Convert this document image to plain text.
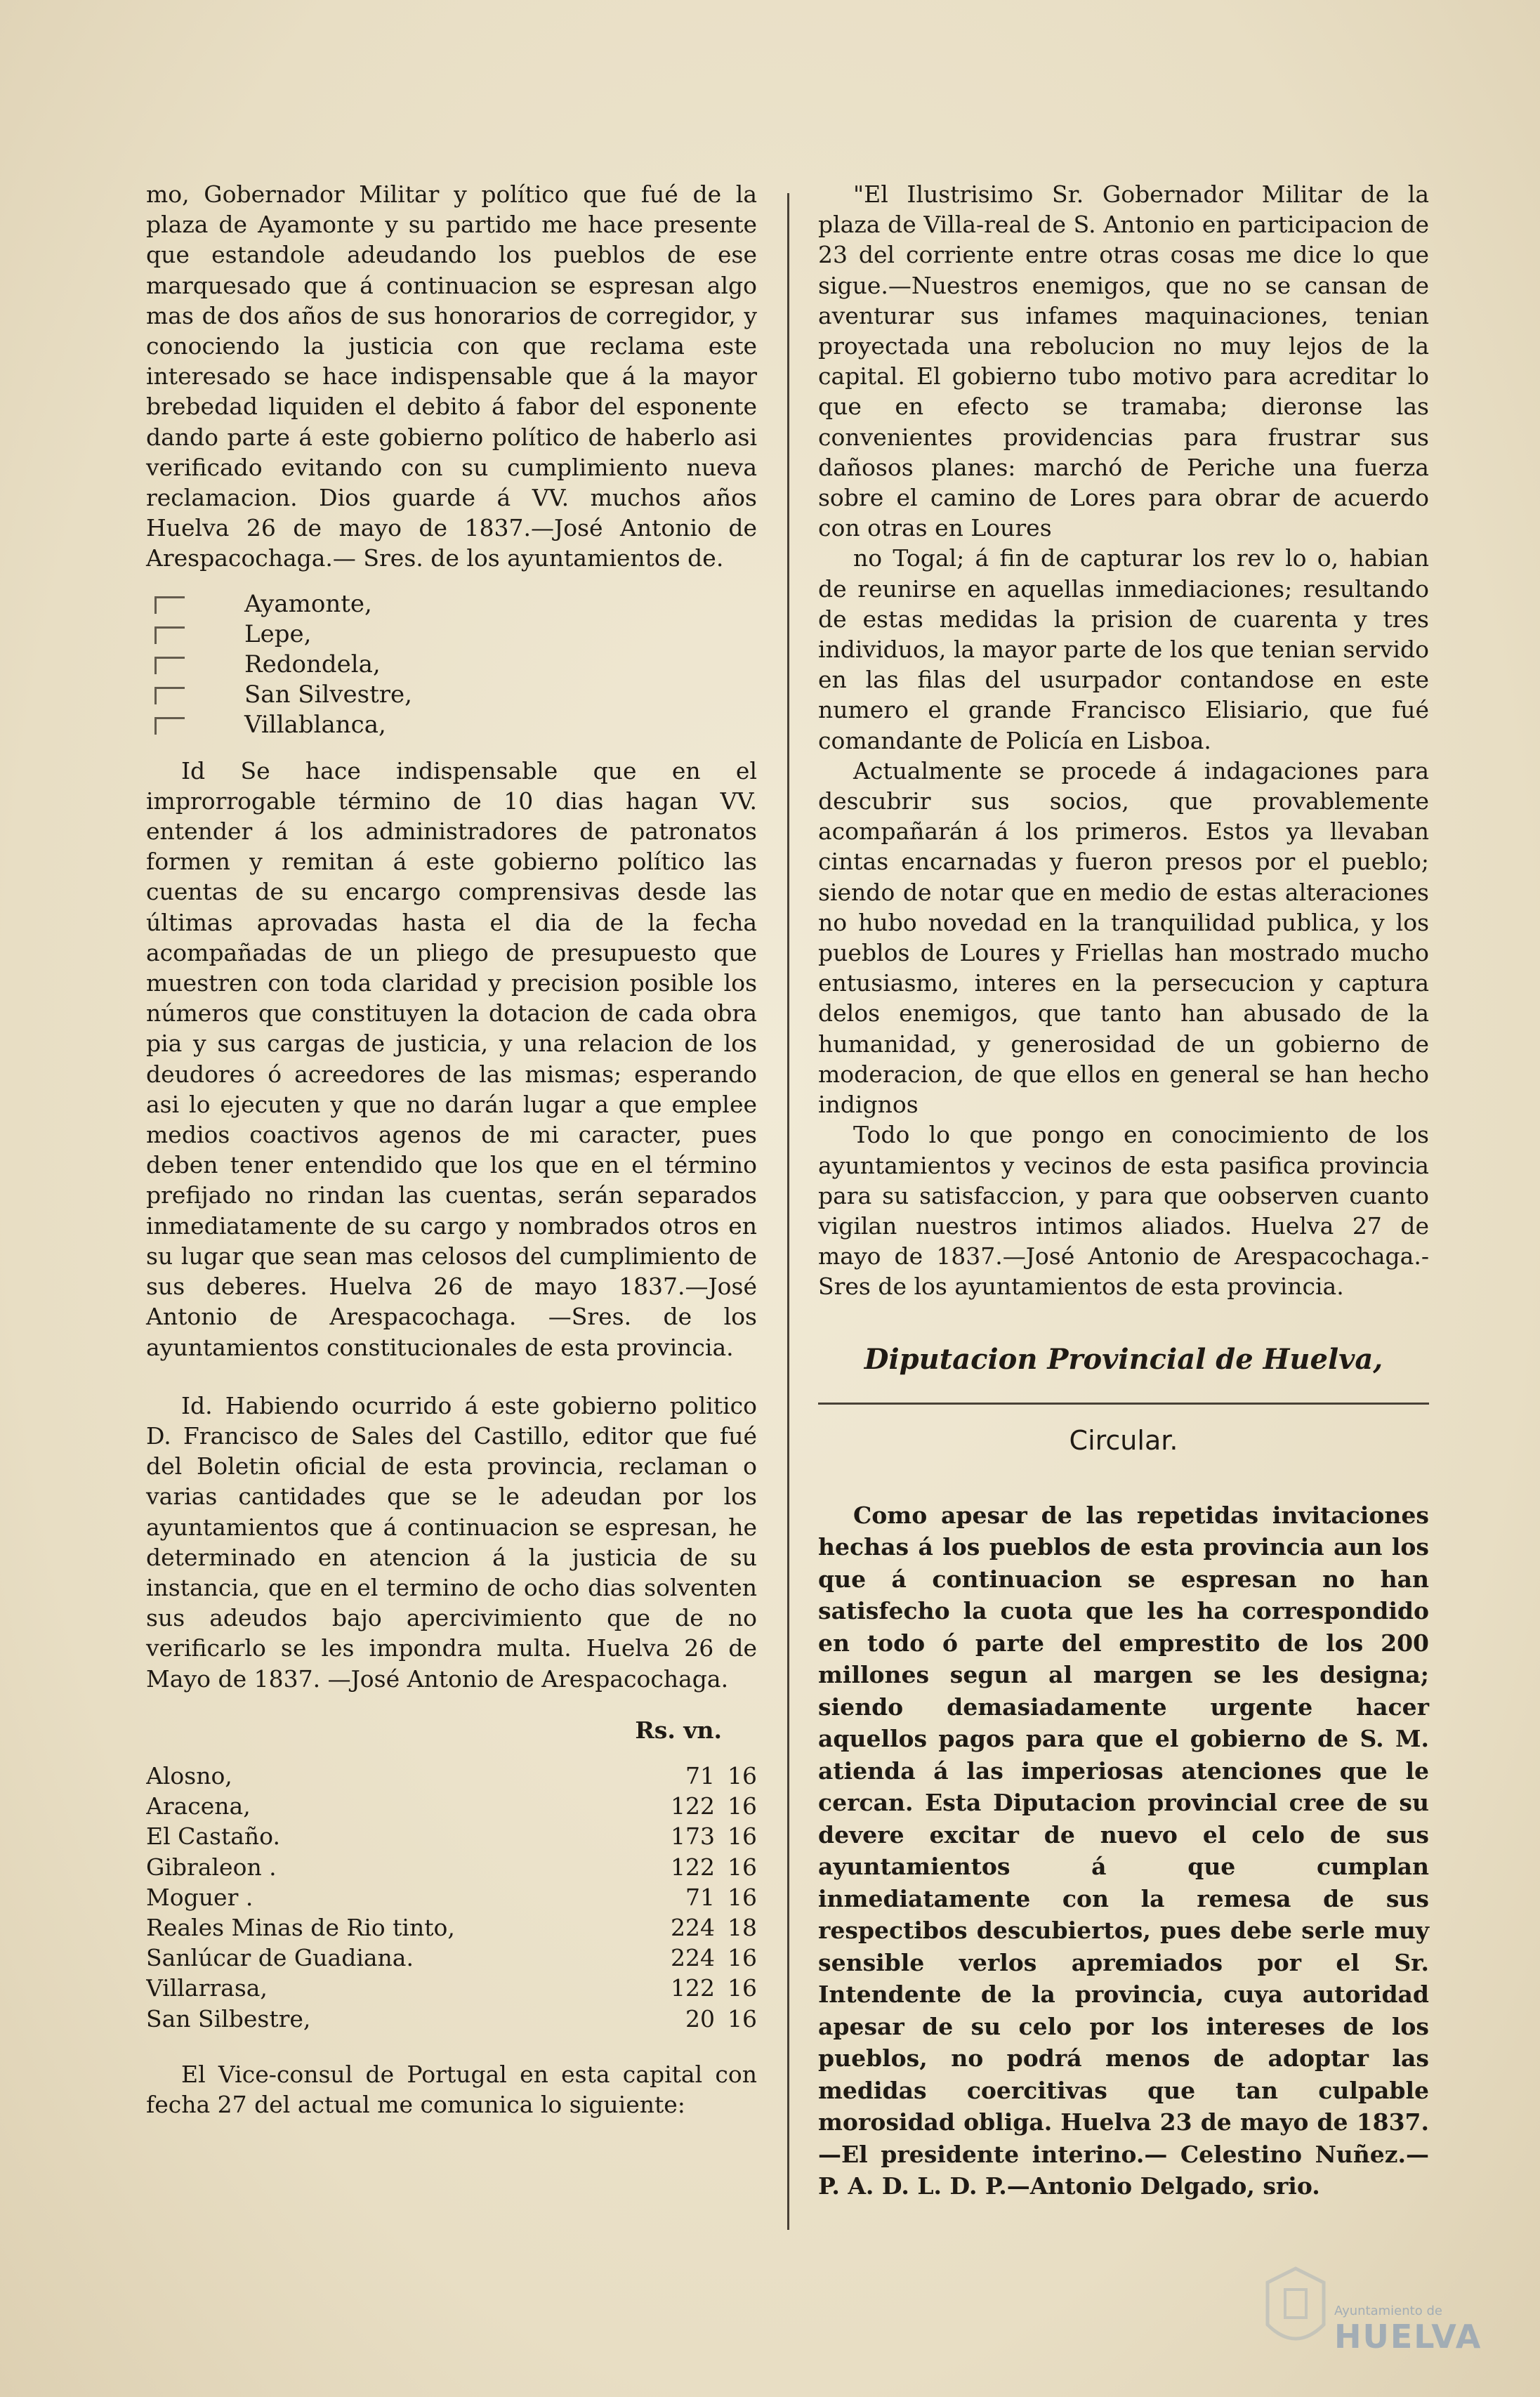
mo, Gobernador Militar y político que fué de la plaza de Ayamonte y su partido me hace presente que estandole adeudando los pueblos de ese marquesado que á continuacion se espresan algo mas de dos años de sus honorarios de corregidor, y conociendo la justicia con que reclama este interesado se hace indispensable que á la mayor brebedad liquiden el debito á fabor del esponente dando parte á este gobierno político de haberlo asi verificado evitando con su cumplimiento nueva reclamacion. Dios guarde á VV. muchos años Huelva 26 de mayo de 1837.—José Antonio de Arespacochaga.— Sres. de los ayuntamientos de.

Ayamonte,
Lepe,
Redondela,
San Silvestre,
Villablanca,

Id Se hace indispensable que en el improrrogable término de 10 dias hagan VV. entender á los administradores de patronatos formen y remitan á este gobierno político las cuentas de su encargo comprensivas desde las últimas aprovadas hasta el dia de la fecha acompañadas de un pliego de presupuesto que muestren con toda claridad y precision posible los números que constituyen la dotacion de cada obra pia y sus cargas de justicia, y una relacion de los deudores ó acreedores de las mismas; esperando asi lo ejecuten y que no darán lugar a que emplee medios coactivos agenos de mi caracter, pues deben tener entendido que los que en el término prefijado no rindan las cuentas, serán separados inmediatamente de su cargo y nombrados otros en su lugar que sean mas celosos del cumplimiento de sus deberes. Huelva 26 de mayo 1837.—José Antonio de Arespacochaga. —Sres. de los ayuntamientos constitucionales de esta provincia.

Id. Habiendo ocurrido á este gobierno politico D. Francisco de Sales del Castillo, editor que fué del Boletin oficial de esta provincia, reclaman o varias cantidades que se le adeudan por los ayuntamientos que á continuacion se espresan, he determinado en atencion á la justicia de su instancia, que en el termino de ocho dias solventen sus adeudos bajo apercivimiento que de no verificarlo se les impondra multa. Huelva 26 de Mayo de 1837. —José Antonio de Arespacochaga.

Rs. vn.
Alosno,	71	16
Aracena,	122	16
El Castaño.	173	16
Gibraleon .	122	16
Moguer .	71	16
Reales Minas de Rio tinto,	224	18
Sanlúcar de Guadiana.	224	16
Villarrasa,	122	16
San Silbestre,	20	16

El Vice-consul de Portugal en esta capital con fecha 27 del actual me comunica lo siguiente:

"El Ilustrisimo Sr. Gobernador Militar de la plaza de Villa-real de S. Antonio en participacion de 23 del corriente entre otras cosas me dice lo que sigue.—Nuestros enemigos, que no se cansan de aventurar sus infames maquinaciones, tenian proyectada una rebolucion no muy lejos de la capital. El gobierno tubo motivo para acreditar lo que en efecto se tramaba; dieronse las convenientes providencias para frustrar sus dañosos planes: marchó de Periche una fuerza sobre el camino de Lores para obrar de acuerdo con otras en Loures

no Togal; á fin de capturar los rev lo o, habian de reunirse en aquellas inmediaciones; resultando de estas medidas la prision de cuarenta y tres individuos, la mayor parte de los que tenian servido en las filas del usurpador contandose en este numero el grande Francisco Elisiario, que fué comandante de Policía en Lisboa.

Actualmente se procede á indagaciones para descubrir sus socios, que provablemente acompañarán á los primeros. Estos ya llevaban cintas encarnadas y fueron presos por el pueblo; siendo de notar que en medio de estas alteraciones no hubo novedad en la tranquilidad publica, y los pueblos de Loures y Friellas han mostrado mucho entusiasmo, interes en la persecucion y captura delos enemigos, que tanto han abusado de la humanidad, y generosidad de un gobierno de moderacion, de que ellos en general se han hecho indignos

Todo lo que pongo en conocimiento de los ayuntamientos y vecinos de esta pasifica provincia para su satisfaccion, y para que oobserven cuanto vigilan nuestros intimos aliados. Huelva 27 de mayo de 1837.—José Antonio de Arespacochaga.-Sres de los ayuntamientos de esta provincia.

Diputacion Provincial de Huelva,
Circular.

Como apesar de las repetidas invitaciones hechas á los pueblos de esta provincia aun los que á continuacion se espresan no han satisfecho la cuota que les ha correspondido en todo ó parte del emprestito de los 200 millones segun al margen se les designa; siendo demasiadamente urgente hacer aquellos pagos para que el gobierno de S. M. atienda á las imperiosas atenciones que le cercan. Esta Diputacion provincial cree de su devere excitar de nuevo el celo de sus ayuntamientos á que cumplan inmediatamente con la remesa de sus respectibos descubiertos, pues debe serle muy sensible verlos apremiados por el Sr. Intendente de la provincia, cuya autoridad apesar de su celo por los intereses de los pueblos, no podrá menos de adoptar las medidas coercitivas que tan culpable morosidad obliga. Huelva 23 de mayo de 1837.—El presidente interino.— Celestino Nuñez.—P. A. D. L. D. P.—Antonio Delgado, srio.

Ayuntamiento de
HUELVA
